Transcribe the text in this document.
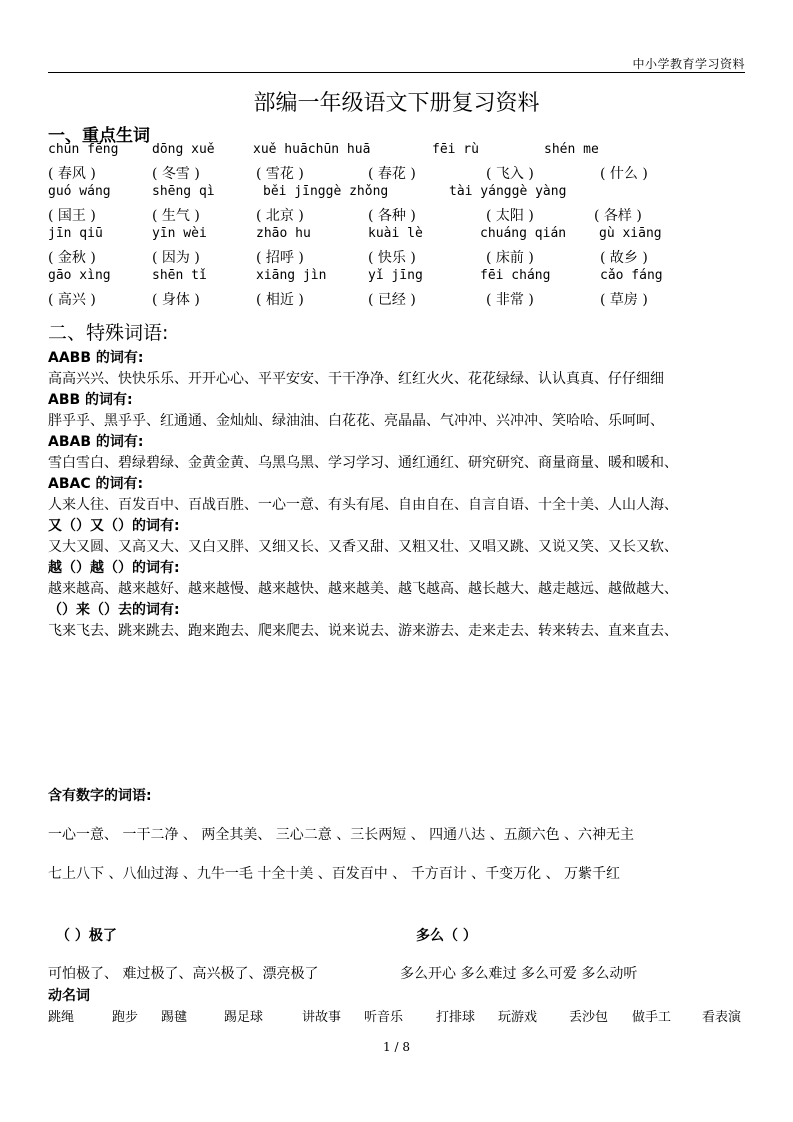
中小学教育学习资料
部编一年级语文下册复习资料
一、重点生词
chūn fēng	dōng xuě	xuě huāchūn huā	fēi rù	shén me
( 春风 )	( 冬雪 )	( 雪花 )	( 春花 )	( 飞入 )	( 什么 )
guó wáng	shēng qì	běi jīnggè zhǒng	tài yánggè yàng
( 国王 )	( 生气 )	( 北京 )	( 各种 )	( 太阳 )	( 各样 )
jīn qiū	yīn wèi	zhāo hu	kuài lè	chuáng qián	gù xiāng
( 金秋 )	( 因为 )	( 招呼 )	( 快乐 )	( 床前 )	( 故乡 )
gāo xìng	shēn tǐ	xiāng jìn	yǐ jīng	fēi cháng	cǎo fáng
( 高兴 )	( 身体 )	( 相近 )	( 已经 )	( 非常 )	( 草房 )
二、特殊词语:
AABB 的词有:
高高兴兴、快快乐乐、开开心心、平平安安、干干净净、红红火火、花花绿绿、认认真真、仔仔细细
ABB 的词有:
胖乎乎、黑乎乎、红通通、金灿灿、绿油油、白花花、亮晶晶、气冲冲、兴冲冲、笑哈哈、乐呵呵、
ABAB 的词有:
雪白雪白、碧绿碧绿、金黄金黄、乌黑乌黑、学习学习、通红通红、研究研究、商量商量、暖和暖和、
ABAC 的词有:
人来人往、百发百中、百战百胜、一心一意、有头有尾、自由自在、自言自语、十全十美、人山人海、
又（）又（）的词有:
又大又圆、又高又大、又白又胖、又细又长、又香又甜、又粗又壮、又唱又跳、又说又笑、又长又软、
越（）越（）的词有:
越来越高、越来越好、越来越慢、越来越快、越来越美、越飞越高、越长越大、越走越远、越做越大、
（）来（）去的词有:
飞来飞去、跳来跳去、跑来跑去、爬来爬去、说来说去、游来游去、走来走去、转来转去、直来直去、
含有数字的词语:
一心一意、 一干二净 、 两全其美、 三心二意 、三长两短 、 四通八达 、五颜六色 、六神无主
七上八下 、八仙过海 、九牛一毛 十全十美 、百发百中 、 千方百计 、千变万化 、 万紫千红
（ ）极了	多么（ ）
可怕极了、 难过极了、高兴极了、漂亮极了	多么开心 多么难过 多么可爱 多么动听
动名词
跳绳	跑步 踢毽	踢足球	讲故事 听音乐	打排球 玩游戏 丢沙包 做手工 看表演
1 / 8
